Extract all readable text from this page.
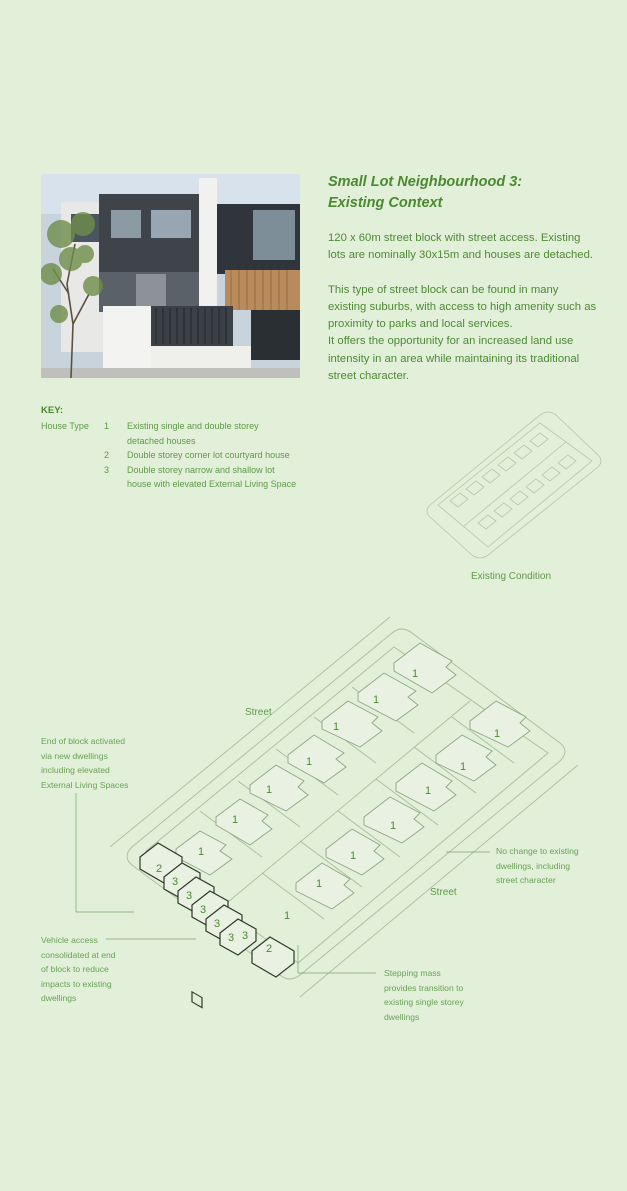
Small Lot Neighbourhood 3:
Existing Context

120 x 60m street block with street access. Existing lots are nominally 30x15m and houses are detached.

This type of street block can be found in many existing suburbs, with access to high amenity such as proximity to parks and local services.
It offers the opportunity for an increased land use intensity in an area while maintaining its traditional street character.
KEY:
House Type 1 Existing single and double storey
detached houses
2 Double storey corner lot courtyard house
3 Double storey narrow and shallow lot
house with elevated External Living Space
Existing Condition
1
1
1
1
1
1
1
1
1
1
1
1
1
1
2
2
3
3
3
3
3 3
Street
Street
End of block activated
via new dwellings
including elevated
External Living Spaces
Vehicle access
consolidated at end
of block to reduce
impacts to existing
dwellings
No change to existing
dwellings, including
street character
Stepping mass
provides transition to
existing single storey
dwellings
